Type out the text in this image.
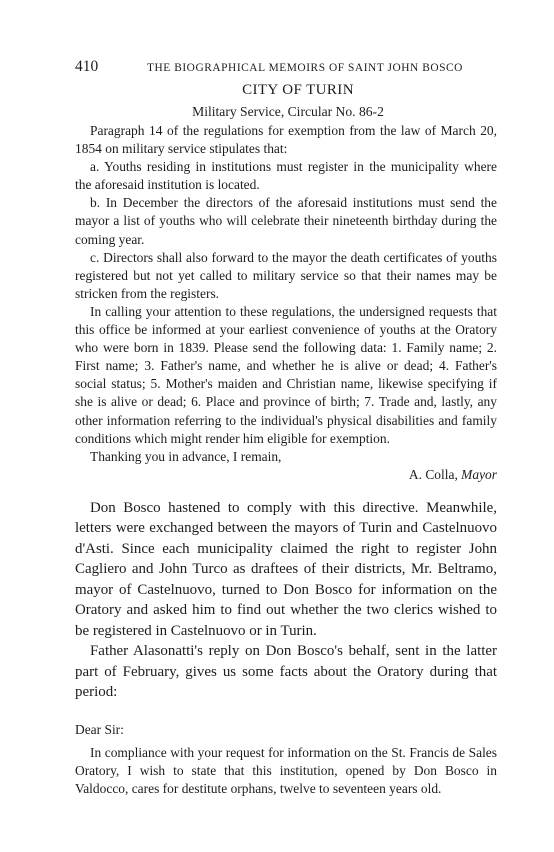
410	THE BIOGRAPHICAL MEMOIRS OF SAINT JOHN BOSCO
CITY OF TURIN
Military Service, Circular No. 86-2

Paragraph 14 of the regulations for exemption from the law of March 20, 1854 on military service stipulates that:

a. Youths residing in institutions must register in the municipality where the aforesaid institution is located.

b. In December the directors of the aforesaid institutions must send the mayor a list of youths who will celebrate their nineteenth birthday during the coming year.

c. Directors shall also forward to the mayor the death certificates of youths registered but not yet called to military service so that their names may be stricken from the registers.

In calling your attention to these regulations, the undersigned requests that this office be informed at your earliest convenience of youths at the Oratory who were born in 1839. Please send the following data: 1. Family name; 2. First name; 3. Father's name, and whether he is alive or dead; 4. Father's social status; 5. Mother's maiden and Christian name, likewise specifying if she is alive or dead; 6. Place and province of birth; 7. Trade and, lastly, any other information referring to the individual's physical disabilities and family conditions which might render him eligible for exemption.

Thanking you in advance, I remain,

A. Colla, Mayor

Don Bosco hastened to comply with this directive. Meanwhile, letters were exchanged between the mayors of Turin and Castelnuovo d'Asti. Since each municipality claimed the right to register John Cagliero and John Turco as draftees of their districts, Mr. Beltramo, mayor of Castelnuovo, turned to Don Bosco for information on the Oratory and asked him to find out whether the two clerics wished to be registered in Castelnuovo or in Turin.

Father Alasonatti's reply on Don Bosco's behalf, sent in the latter part of February, gives us some facts about the Oratory during that period:

Dear Sir:

In compliance with your request for information on the St. Francis de Sales Oratory, I wish to state that this institution, opened by Don Bosco in Valdocco, cares for destitute orphans, twelve to seventeen years old.
